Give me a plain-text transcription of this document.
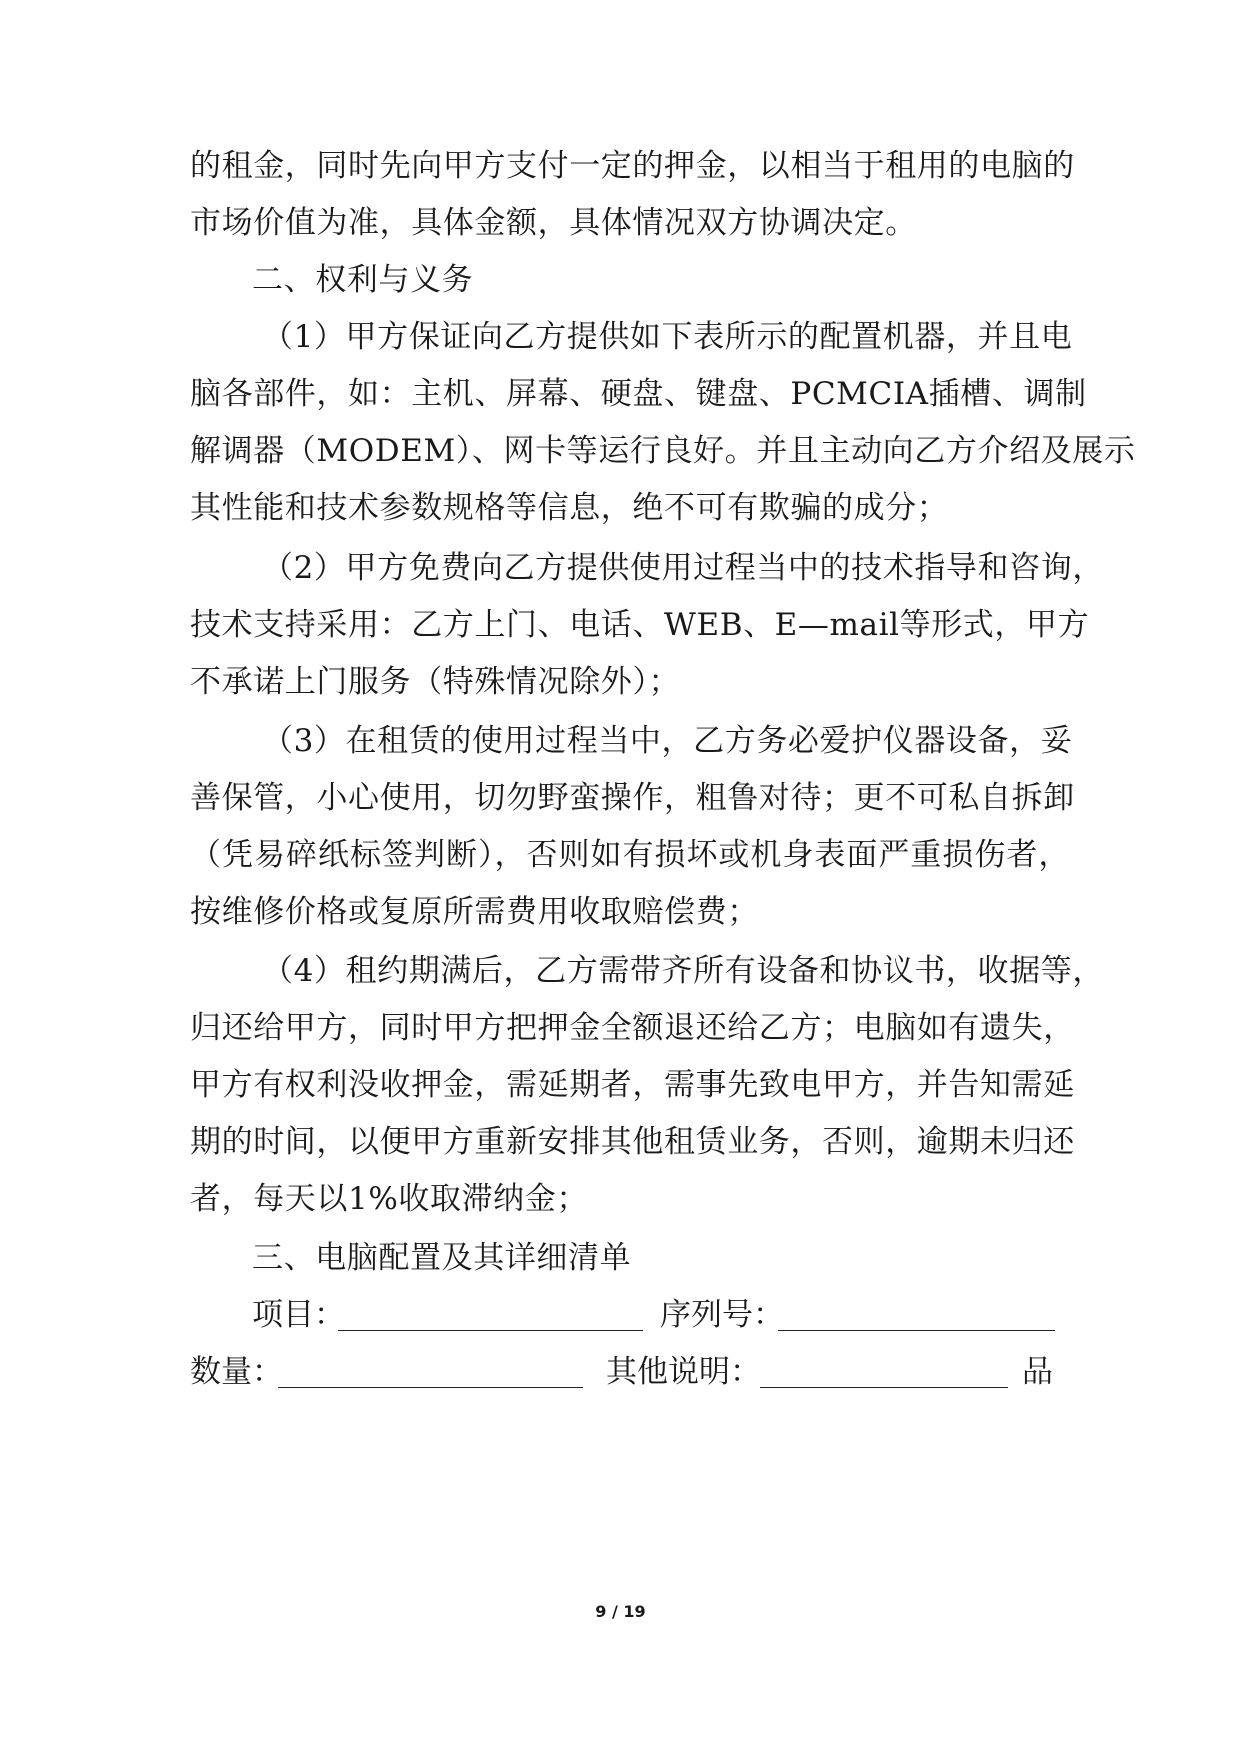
的租金，同时先向甲方支付一定的押金，以相当于租用的电脑的
市场价值为准，具体金额，具体情况双方协调决定。
二、权利与义务
（1）甲方保证向乙方提供如下表所示的配置机器，并且电
脑各部件，如：主机、屏幕、硬盘、键盘、PCMCIA插槽、调制
解调器（MODEM）、网卡等运行良好。并且主动向乙方介绍及展示
其性能和技术参数规格等信息，绝不可有欺骗的成分；
（2）甲方免费向乙方提供使用过程当中的技术指导和咨询，
技术支持采用：乙方上门、电话、WEB、E—mail等形式，甲方
不承诺上门服务（特殊情况除外）；
（3）在租赁的使用过程当中，乙方务必爱护仪器设备，妥
善保管，小心使用，切勿野蛮操作，粗鲁对待；更不可私自拆卸
（凭易碎纸标签判断），否则如有损坏或机身表面严重损伤者，
按维修价格或复原所需费用收取赔偿费；
（4）租约期满后，乙方需带齐所有设备和协议书，收据等，
归还给甲方，同时甲方把押金全额退还给乙方；电脑如有遗失，
甲方有权利没收押金，需延期者，需事先致电甲方，并告知需延
期的时间，以便甲方重新安排其他租赁业务，否则，逾期未归还
者，每天以1%收取滞纳金；
三、电脑配置及其详细清单
项目：	序列号：
数量：	其他说明：	品
9 / 19
